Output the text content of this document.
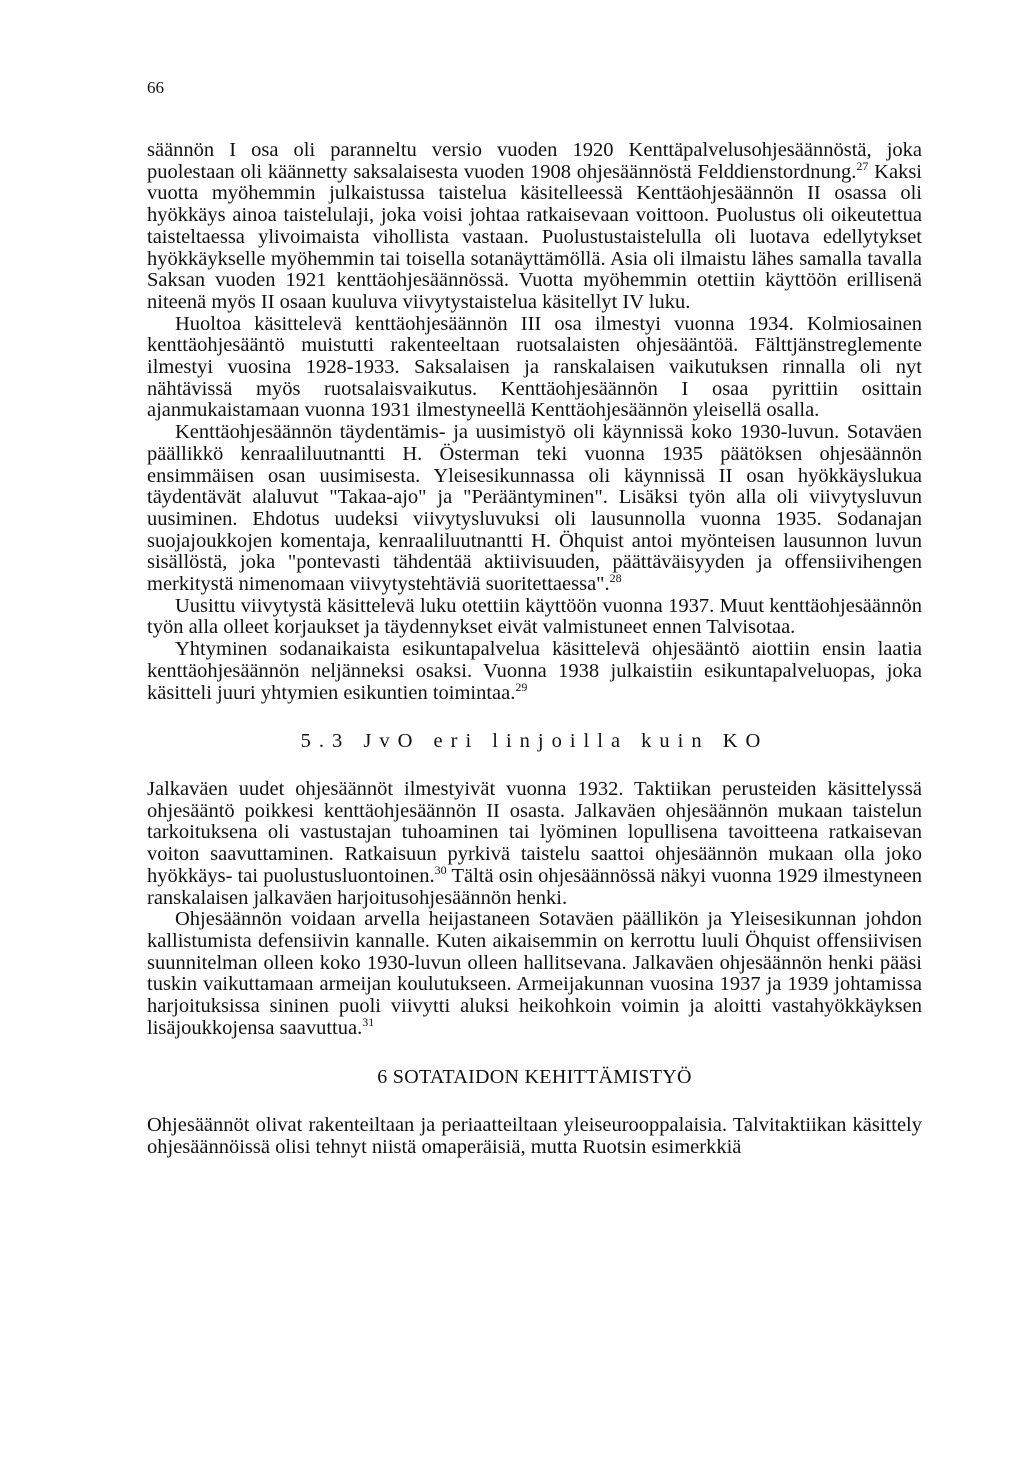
66

säännön I osa oli paranneltu versio vuoden 1920 Kenttäpalvelusohjesäännöstä, joka puolestaan oli käännetty saksalaisesta vuoden 1908 ohjesäännöstä Felddienstordnung.$^{27}$ Kaksi vuotta myöhemmin julkaistussa taistelua käsitelleessä Kenttäohjesäännön II osassa oli hyökkäys ainoa taistelulaji, joka voisi johtaa ratkaisevaan voittoon. Puolustus oli oikeutettua taisteltaessa ylivoimaista vihollista vastaan. Puolustustaistelulla oli luotava edellytykset hyökkäykselle myöhemmin tai toisella sotanäyttämöllä. Asia oli ilmaistu lähes samalla tavalla Saksan vuoden 1921 kenttäohjesäännössä. Vuotta myöhemmin otettiin käyttöön erillisenä niteenä myös II osaan kuuluva viivytystaistelua käsitellyt IV luku.

Huoltoa käsittelevä kenttäohjesäännön III osa ilmestyi vuonna 1934. Kolmiosainen kenttäohjesääntö muistutti rakenteeltaan ruotsalaisten ohjesääntöä. Fälttjänstreglemente ilmestyi vuosina 1928-1933. Saksalaisen ja ranskalaisen vaikutuksen rinnalla oli nyt nähtävissä myös ruotsalaisvaikutus. Kenttäohjesäännön I osaa pyrittiin osittain ajanmukaistamaan vuonna 1931 ilmestyneellä Kenttäohjesäännön yleisellä osalla.

Kenttäohjesäännön täydentämis- ja uusimistyö oli käynnissä koko 1930-luvun. Sotaväen päällikkö kenraaliluutnantti H. Österman teki vuonna 1935 päätöksen ohjesäännön ensimmäisen osan uusimisesta. Yleisesikunnassa oli käynnissä II osan hyökkäyslukua täydentävät alaluvut "Takaa-ajo" ja "Perääntyminen". Lisäksi työn alla oli viivytysluvun uusiminen. Ehdotus uudeksi viivytysluvuksi oli lausunnolla vuonna 1935. Sodanajan suojajoukkojen komentaja, kenraaliluutnantti H. Öhquist antoi myönteisen lausunnon luvun sisällöstä, joka "pontevasti tähdentää aktiivisuuden, päättäväisyyden ja offensiivihengen merkitystä nimenomaan viivytystehtäviä suoritettaessa".$^{28}$

Uusittu viivytystä käsittelevä luku otettiin käyttöön vuonna 1937. Muut kenttäohjesäännön työn alla olleet korjaukset ja täydennykset eivät valmistuneet ennen Talvisotaa.

Yhtyminen sodanaikaista esikuntapalvelua käsittelevä ohjesääntö aiottiin ensin laatia kenttäohjesäännön neljänneksi osaksi. Vuonna 1938 julkaistiin esikuntapalveluopas, joka käsitteli juuri yhtymien esikuntien toimintaa.$^{29}$

5.3 JvO eri linjoilla kuin KO

Jalkaväen uudet ohjesäännöt ilmestyivät vuonna 1932. Taktiikan perusteiden käsittelyssä ohjesääntö poikkesi kenttäohjesäännön II osasta. Jalkaväen ohjesäännön mukaan taistelun tarkoituksena oli vastustajan tuhoaminen tai lyöminen lopullisena tavoitteena ratkaisevan voiton saavuttaminen. Ratkaisuun pyrkivä taistelu saattoi ohjesäännön mukaan olla joko hyökkäys- tai puolustusluontoinen.$^{30}$ Tältä osin ohjesäännössä näkyi vuonna 1929 ilmestyneen ranskalaisen jalkaväen harjoitusohjesäännön henki.

Ohjesäännön voidaan arvella heijastaneen Sotaväen päällikön ja Yleisesikunnan johdon kallistumista defensiivin kannalle. Kuten aikaisemmin on kerrottu luuli Öhquist offensiivisen suunnitelman olleen koko 1930-luvun olleen hallitsevana. Jalkaväen ohjesäännön henki pääsi tuskin vaikuttamaan armeijan koulutukseen. Armeijakunnan vuosina 1937 ja 1939 johtamissa harjoituksissa sininen puoli viivytti aluksi heikohkoin voimin ja aloitti vastahyökkäyksen lisäjoukkojensa saavuttua.$^{31}$

6 SOTATAIDON KEHITTÄMISTYÖ

Ohjesäännöt olivat rakenteiltaan ja periaatteiltaan yleiseurooppalaisia. Talvitaktiikan käsittely ohjesäännöissä olisi tehnyt niistä omaperäisiä, mutta Ruotsin esimerkkiä
